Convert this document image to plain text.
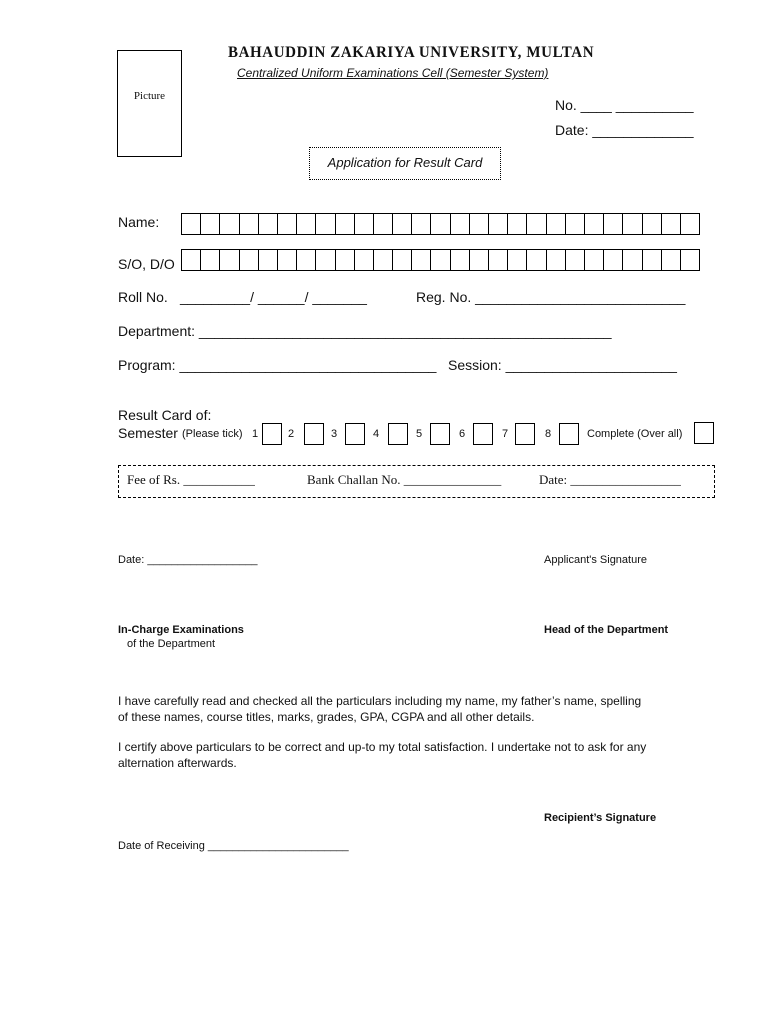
Picture
BAHAUDDIN ZAKARIYA UNIVERSITY, MULTAN
Centralized Uniform Examinations Cell (Semester System)
No. ____ __________
Date: _____________
Application for Result Card
Name:
S/O, D/O
Roll No. _________/ ______/ _______	Reg. No. ___________________________
Department: _____________________________________________________
Program: _________________________________ Session: ______________________
Result Card of:
Semester (Please tick) 1	2	3	4	5	6	7	8	Complete (Over all)
Fee of Rs. ___________	Bank Challan No. _______________	Date: _________________
Date: __________________	Applicant's Signature
In-Charge Examinations
of the Department
Head of the Department
I have carefully read and checked all the particulars including my name, my father’s name, spelling
of these names, course titles, marks, grades, GPA, CGPA and all other details.
I certify above particulars to be correct and up-to my total satisfaction. I undertake not to ask for any
alternation afterwards.
Recipient’s Signature
Date of Receiving _______________________
